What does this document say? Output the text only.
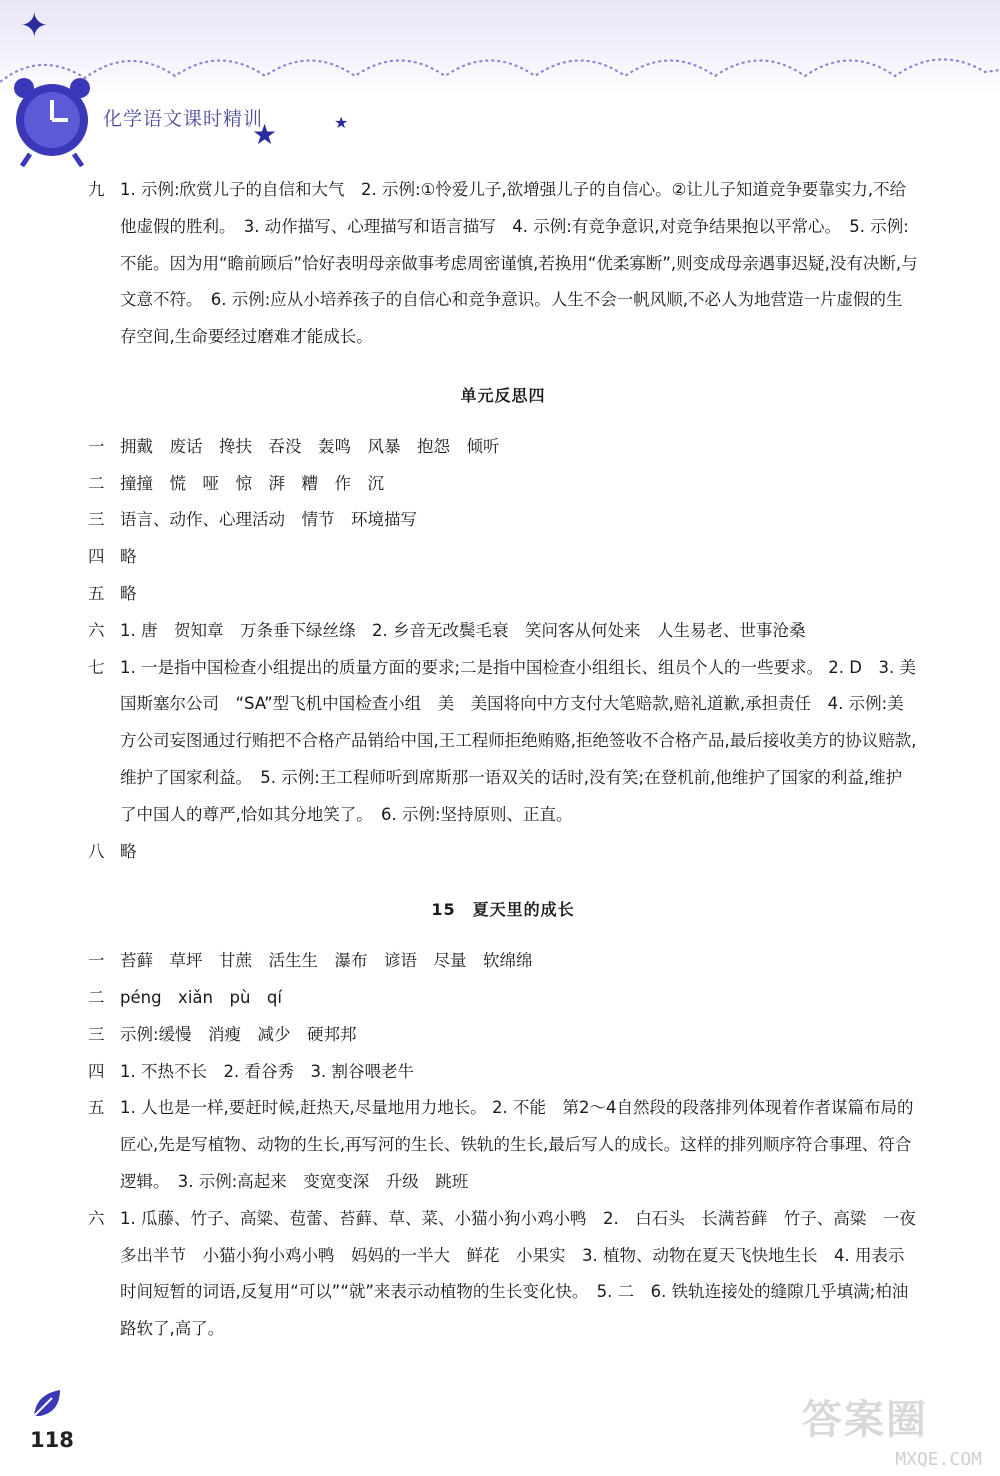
✦
★	★
化学语文课时精训
九 1. 示例:欣赏儿子的自信和大气　2. 示例:①怜爱儿子,欲增强儿子的自信心。②让儿子知道竞争要靠实力,不给他虚假的胜利。　3. 动作描写、心理描写和语言描写　4. 示例:有竞争意识,对竞争结果抱以平常心。　5. 示例:不能。因为用“瞻前顾后”恰好表明母亲做事考虑周密谨慎,若换用“优柔寡断”,则变成母亲遇事迟疑,没有决断,与文意不符。　6. 示例:应从小培养孩子的自信心和竞争意识。人生不会一帆风顺,不必人为地营造一片虚假的生存空间,生命要经过磨难才能成长。
单元反思四
一 拥戴　废话　搀扶　吞没　轰鸣　风暴　抱怨　倾听
二 撞撞　慌　哑　惊　湃　糟　作　沉
三 语言、动作、心理活动　情节　环境描写
四 略
五 略
六 1. 唐　贺知章　万条垂下绿丝绦　2. 乡音无改鬓毛衰　笑问客从何处来　人生易老、世事沧桑
七 1. 一是指中国检查小组提出的质量方面的要求;二是指中国检查小组组长、组员个人的一些要求。 2. D　3. 美国斯塞尔公司　“SA”型飞机中国检查小组　美　美国将向中方支付大笔赔款,赔礼道歉,承担责任　4. 示例:美方公司妄图通过行贿把不合格产品销给中国,王工程师拒绝贿赂,拒绝签收不合格产品,最后接收美方的协议赔款,维护了国家利益。　5. 示例:王工程师听到席斯那一语双关的话时,没有笑;在登机前,他维护了国家的利益,维护了中国人的尊严,恰如其分地笑了。　6. 示例:坚持原则、正直。
八 略
15　夏天里的成长
一 苔藓　草坪　甘蔗　活生生　瀑布　谚语　尽量　软绵绵
二 péng　xiǎn　pù　qí
三 示例:缓慢　消瘦　减少　硬邦邦
四 1. 不热不长　2. 看谷秀　3. 割谷喂老牛
五 1. 人也是一样,要赶时候,赶热天,尽量地用力地长。 2. 不能　第2～4自然段的段落排列体现着作者谋篇布局的匠心,先是写植物、动物的生长,再写河的生长、铁轨的生长,最后写人的成长。这样的排列顺序符合事理、符合逻辑。　3. 示例:高起来　变宽变深　升级　跳班
六 1. 瓜藤、竹子、高粱、苞蕾、苔藓、草、菜、小猫小狗小鸡小鸭　2.　白石头　长满苔藓　竹子、高粱　一夜多出半节　小猫小狗小鸡小鸭　妈妈的一半大　鲜花　小果实　3. 植物、动物在夏天飞快地生长　4. 用表示时间短暂的词语,反复用“可以”“就”来表示动植物的生长变化快。　5. 二　6. 铁轨连接处的缝隙几乎填满;柏油路软了,高了。
118	答案圈
MXQE.COM
